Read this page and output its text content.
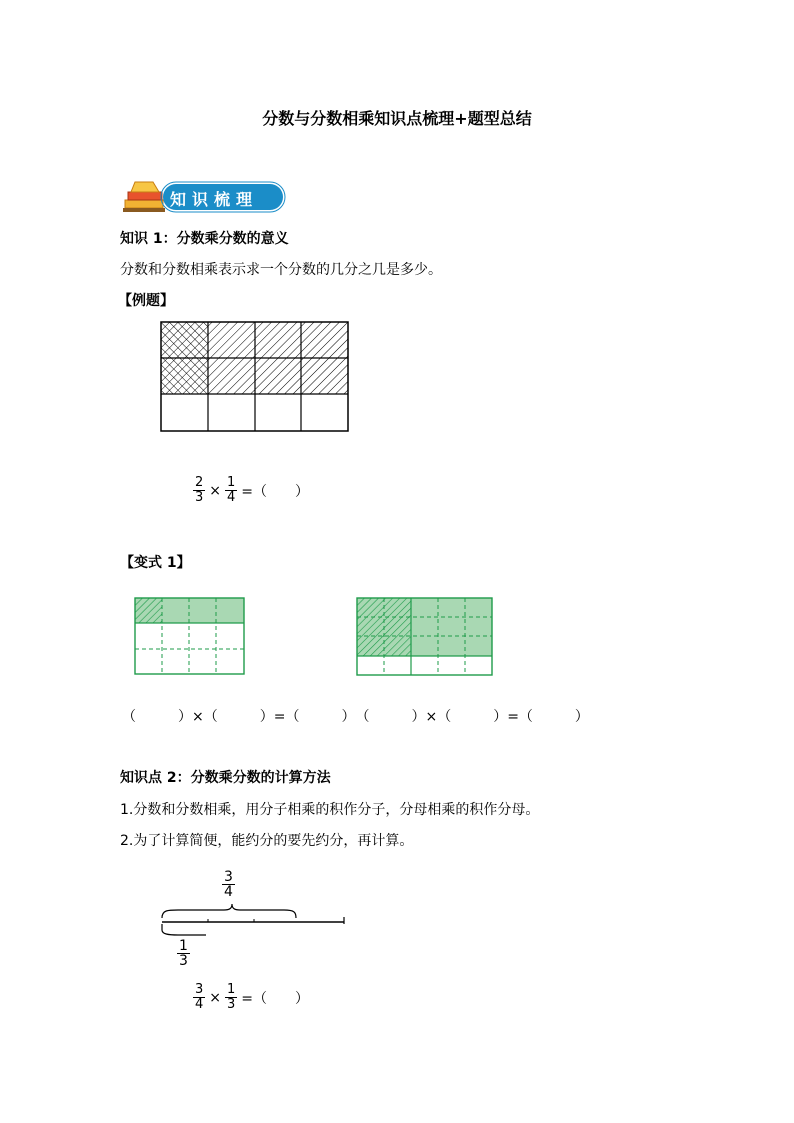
分数与分数相乘知识点梳理+题型总结
知识梳理
知识 1：分数乘分数的意义
分数和分数相乘表示求一个分数的几分之几是多少。
【例题】
$\frac{2}{3} \times \frac{1}{4}$ =（　　）
【变式 1】
（　　　）×（　　　）=（　　　）　（　　　）×（　　　）=（　　　）
知识点 2：分数乘分数的计算方法
1.分数和分数相乘，用分子相乘的积作分子，分母相乘的积作分母。
2.为了计算简便，能约分的要先约分，再计算。
$\frac{3}{4}$
$\frac{1}{3}$
$\frac{3}{4} \times \frac{1}{3}$ =（　　）
